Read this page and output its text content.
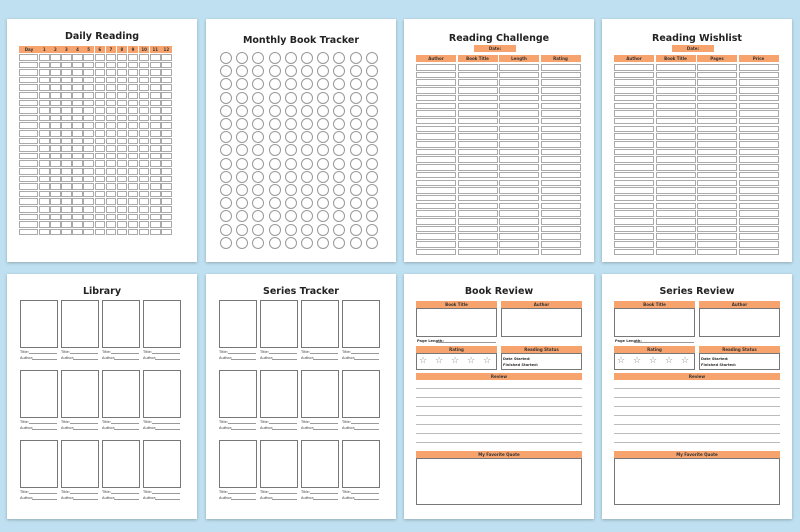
Daily Reading
Day	1	2	3	4	5	6	7	8	9	10	11	12
Monthly Book Tracker	Reading Challenge
Date:
Author	Book Title	Length	Rating
Reading Wishlist
Date:
Author	Book Title	Pages	Price
Library
Title:
Author:
Title:
Author:
Title:
Author:
Title:
Author:
Title:
Author:
Title:
Author:
Title:
Author:
Title:
Author:
Title:
Author:
Title:
Author:
Title:
Author:
Title:
Author:
Series Tracker
Title:
Author:
Title:
Author:
Title:
Author:
Title:
Author:
Title:
Author:
Title:
Author:
Title:
Author:
Title:
Author:
Title:
Author:
Title:
Author:
Title:
Author:
Title:
Author:
Book Review
Book Title	Author
Page Length:
Rating	Reading Status
☆ ☆ ☆ ☆ ☆	Date Started:
Finished Started:
Review
My Favorite Quote
Series Review
Book Title	Author
Page Length:
Rating	Reading Status
☆ ☆ ☆ ☆ ☆	Date Started:
Finished Started:
Review
My Favorite Quote
